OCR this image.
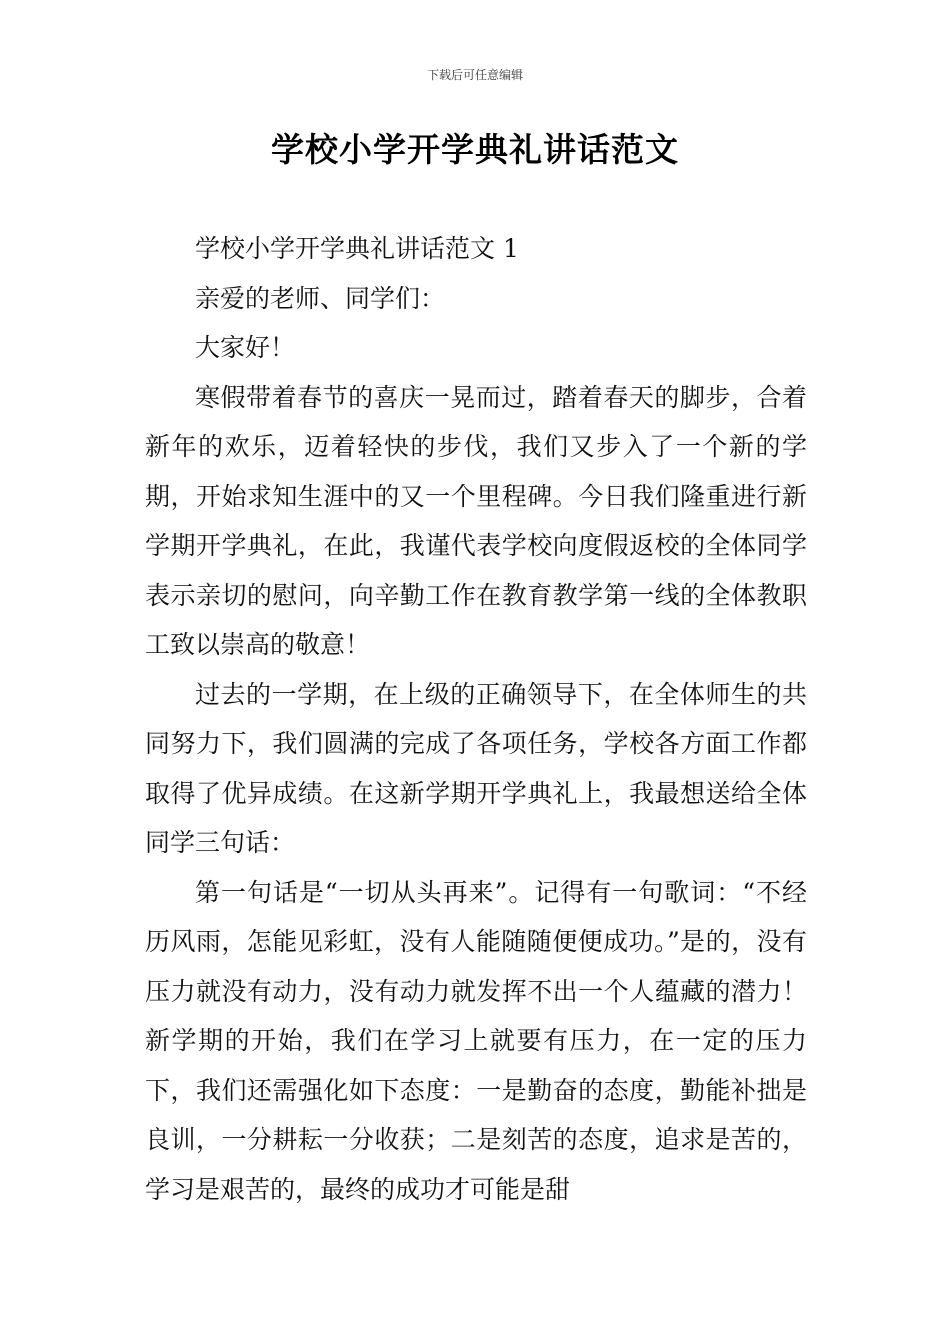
下载后可任意编辑
学校小学开学典礼讲话范文

学校小学开学典礼讲话范文 1

亲爱的老师、同学们：

大家好！

寒假带着春节的喜庆一晃而过，踏着春天的脚步，合着新年的欢乐，迈着轻快的步伐，我们又步入了一个新的学期，开始求知生涯中的又一个里程碑。今日我们隆重进行新学期开学典礼，在此，我谨代表学校向度假返校的全体同学表示亲切的慰问，向辛勤工作在教育教学第一线的全体教职工致以崇高的敬意！

过去的一学期，在上级的正确领导下，在全体师生的共同努力下，我们圆满的完成了各项任务，学校各方面工作都取得了优异成绩。在这新学期开学典礼上，我最想送给全体同学三句话：

第一句话是“一切从头再来”。记得有一句歌词：“不经历风雨，怎能见彩虹，没有人能随随便便成功。”是的，没有压力就没有动力，没有动力就发挥不出一个人蕴藏的潜力！新学期的开始，我们在学习上就要有压力，在一定的压力下，我们还需强化如下态度：一是勤奋的态度，勤能补拙是良训，一分耕耘一分收获；二是刻苦的态度，追求是苦的，学习是艰苦的，最终的成功才可能是甜
